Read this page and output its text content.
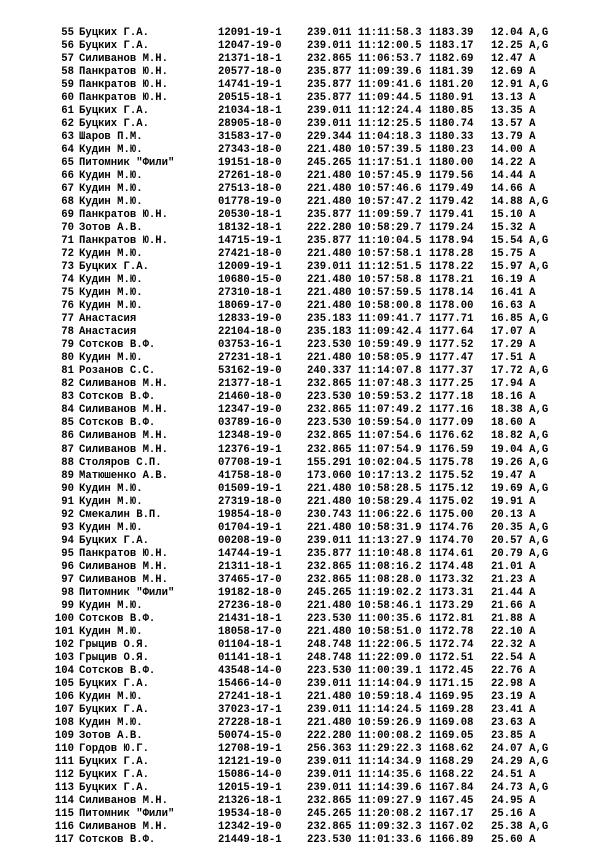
55 Буцких Г.А.	12091-19-1 239.011 11:11:58.3 1183.39 12.04 A,G
56 Буцких Г.А.	12047-19-0 239.011 11:12:00.5 1183.17 12.25 A,G
57 Силиванов М.Н.	21371-18-1 232.865 11:06:53.7 1182.69 12.47 A
58 Панкратов Ю.Н.	20577-18-0 235.877 11:09:39.6 1181.39 12.69 A
59 Панкратов Ю.Н.	14741-19-1 235.877 11:09:41.6 1181.20 12.91 A,G
60 Панкратов Ю.Н.	20515-18-1 235.877 11:09:44.5 1180.91 13.13 A
61 Буцких Г.А.	21034-18-1 239.011 11:12:24.4 1180.85 13.35 A
62 Буцких Г.А.	28905-18-0 239.011 11:12:25.5 1180.74 13.57 A
63 Шаров П.М.	31583-17-0 229.344 11:04:18.3 1180.33 13.79 A
64 Кудин М.Ю.	27343-18-0 221.480 10:57:39.5 1180.23 14.00 A
65 Питомник "Фили"	19151-18-0 245.265 11:17:51.1 1180.00 14.22 A
66 Кудин М.Ю.	27261-18-0 221.480 10:57:45.9 1179.56 14.44 A
67 Кудин М.Ю.	27513-18-0 221.480 10:57:46.6 1179.49 14.66 A
68 Кудин М.Ю.	01778-19-0 221.480 10:57:47.2 1179.42 14.88 A,G
69 Панкратов Ю.Н.	20530-18-1 235.877 11:09:59.7 1179.41 15.10 A
70 Зотов А.В.	18132-18-1 222.280 10:58:29.7 1179.24 15.32 A
71 Панкратов Ю.Н.	14715-19-1 235.877 11:10:04.5 1178.94 15.54 A,G
72 Кудин М.Ю.	27421-18-0 221.480 10:57:58.1 1178.28 15.75 A
73 Буцких Г.А.	12009-19-1 239.011 11:12:51.5 1178.22 15.97 A,G
74 Кудин М.Ю.	10680-15-0 221.480 10:57:58.8 1178.21 16.19 A
75 Кудин М.Ю.	27310-18-1 221.480 10:57:59.5 1178.14 16.41 A
76 Кудин М.Ю.	18069-17-0 221.480 10:58:00.8 1178.00 16.63 A
77 Анастасия	12833-19-0 235.183 11:09:41.7 1177.71 16.85 A,G
78 Анастасия	22104-18-0 235.183 11:09:42.4 1177.64 17.07 A
79 Сотсков В.Ф.	03753-16-1 223.530 10:59:49.9 1177.52 17.29 A
80 Кудин М.Ю.	27231-18-1 221.480 10:58:05.9 1177.47 17.51 A
81 Розанов С.С.	53162-19-0 240.337 11:14:07.8 1177.37 17.72 A,G
82 Силиванов М.Н.	21377-18-1 232.865 11:07:48.3 1177.25 17.94 A
83 Сотсков В.Ф.	21460-18-0 223.530 10:59:53.2 1177.18 18.16 A
84 Силиванов М.Н.	12347-19-0 232.865 11:07:49.2 1177.16 18.38 A,G
85 Сотсков В.Ф.	03789-16-0 223.530 10:59:54.0 1177.09 18.60 A
86 Силиванов М.Н.	12348-19-0 232.865 11:07:54.6 1176.62 18.82 A,G
87 Силиванов М.Н.	12376-19-1 232.865 11:07:54.9 1176.59 19.04 A,G
88 Столяров С.П.	07708-19-1 155.291 10:02:04.5 1175.78 19.26 A,G
89 Матюшенко А.В.	41758-18-0 173.060 10:17:13.2 1175.52 19.47 A
90 Кудин М.Ю.	01509-19-1 221.480 10:58:28.5 1175.12 19.69 A,G
91 Кудин М.Ю.	27319-18-0 221.480 10:58:29.4 1175.02 19.91 A
92 Смекалин В.П.	19854-18-0 230.743 11:06:22.6 1175.00 20.13 A
93 Кудин М.Ю.	01704-19-1 221.480 10:58:31.9 1174.76 20.35 A,G
94 Буцких Г.А.	00208-19-0 239.011 11:13:27.9 1174.70 20.57 A,G
95 Панкратов Ю.Н.	14744-19-1 235.877 11:10:48.8 1174.61 20.79 A,G
96 Силиванов М.Н.	21311-18-1 232.865 11:08:16.2 1174.48 21.01 A
97 Силиванов М.Н.	37465-17-0 232.865 11:08:28.0 1173.32 21.23 A
98 Питомник "Фили"	19182-18-0 245.265 11:19:02.2 1173.31 21.44 A
99 Кудин М.Ю.	27236-18-0 221.480 10:58:46.1 1173.29 21.66 A
100 Сотсков В.Ф.	21431-18-1 223.530 11:00:35.6 1172.81 21.88 A
101 Кудин М.Ю.	18058-17-0 221.480 10:58:51.0 1172.78 22.10 A
102 Грыцив О.Я.	01104-18-1 248.748 11:22:06.5 1172.74 22.32 A
103 Грыцив О.Я.	01141-18-1 248.748 11:22:09.0 1172.51 22.54 A
104 Сотсков В.Ф.	43548-14-0 223.530 11:00:39.1 1172.45 22.76 A
105 Буцких Г.А.	15466-14-0 239.011 11:14:04.9 1171.15 22.98 A
106 Кудин М.Ю.	27241-18-1 221.480 10:59:18.4 1169.95 23.19 A
107 Буцких Г.А.	37023-17-1 239.011 11:14:24.5 1169.28 23.41 A
108 Кудин М.Ю.	27228-18-1 221.480 10:59:26.9 1169.08 23.63 A
109 Зотов А.В.	50074-15-0 222.280 11:00:08.2 1169.05 23.85 A
110 Гордов Ю.Г.	12708-19-1 256.363 11:29:22.3 1168.62 24.07 A,G
111 Буцких Г.А.	12121-19-0 239.011 11:14:34.9 1168.29 24.29 A,G
112 Буцких Г.А.	15086-14-0 239.011 11:14:35.6 1168.22 24.51 A
113 Буцких Г.А.	12015-19-1 239.011 11:14:39.6 1167.84 24.73 A,G
114 Силиванов М.Н.	21326-18-1 232.865 11:09:27.9 1167.45 24.95 A
115 Питомник "Фили"	19534-18-0 245.265 11:20:08.2 1167.17 25.16 A
116 Силиванов М.Н.	12342-19-0 232.865 11:09:32.3 1167.02 25.38 A,G
117 Сотсков В.Ф.	21449-18-1 223.530 11:01:33.6 1166.89 25.60 A
